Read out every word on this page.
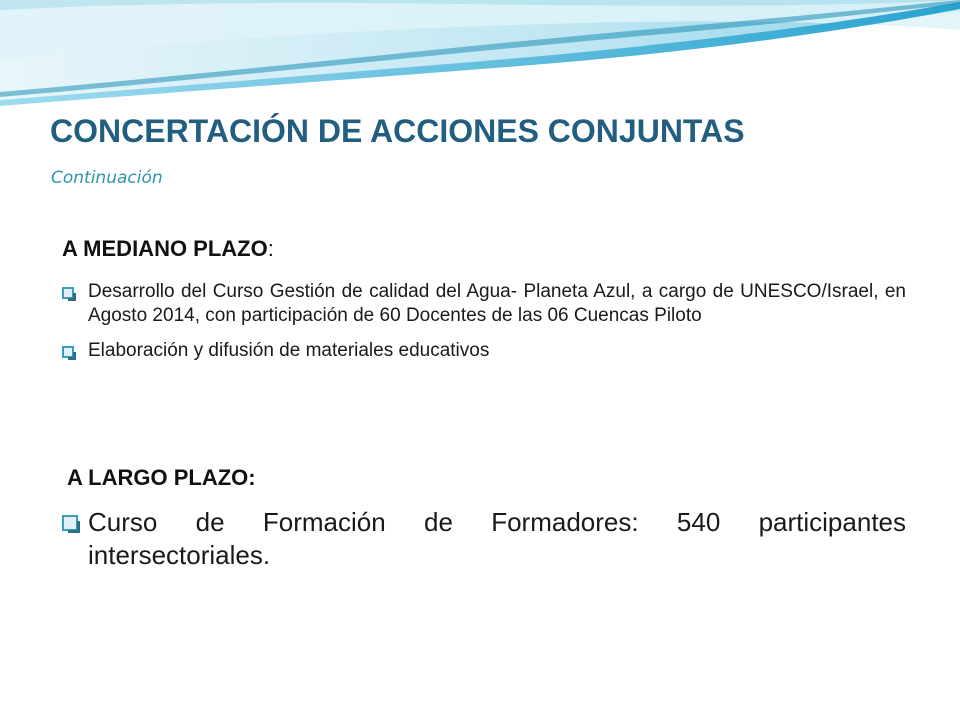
CONCERTACIÓN DE ACCIONES CONJUNTAS
Continuación
A MEDIANO PLAZO:
Desarrollo del Curso Gestión de calidad del Agua- Planeta Azul, a cargo de UNESCO/Israel, en Agosto 2014, con participación de 60 Docentes de las 06 Cuencas Piloto
Elaboración y difusión de materiales educativos
A LARGO PLAZO:
Curso de Formación de Formadores: 540 participantes intersectoriales.
